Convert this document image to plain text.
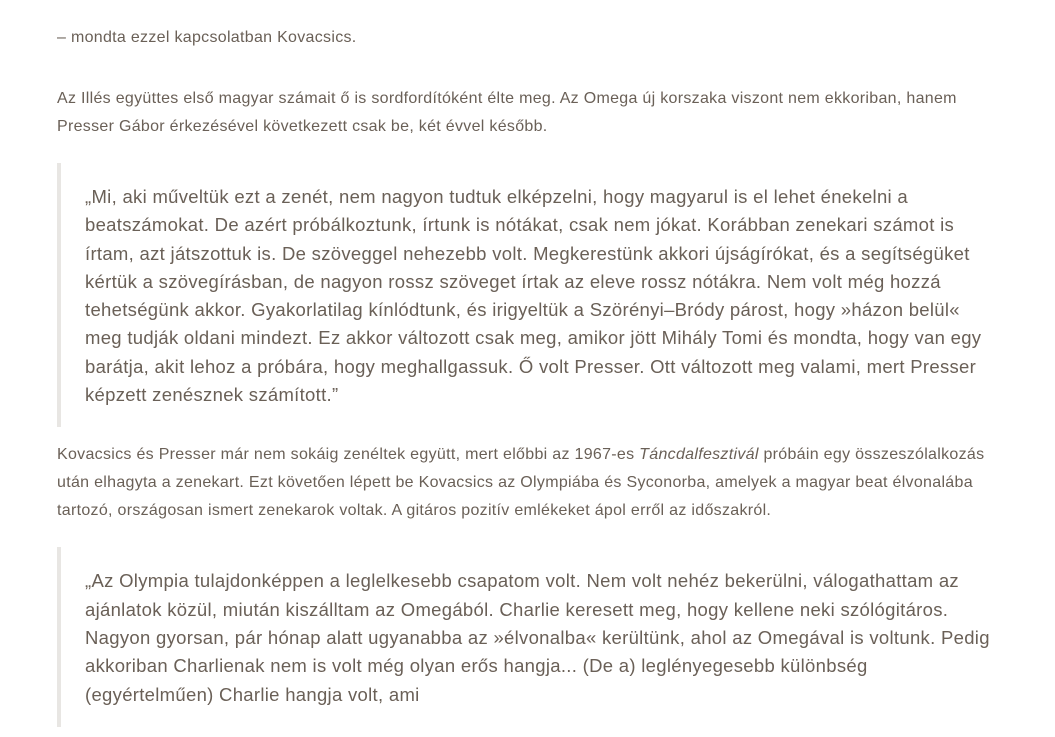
– mondta ezzel kapcsolatban Kovacsics.

Az Illés együttes első magyar számait ő is sordfordítóként élte meg. Az Omega új korszaka viszont nem ekkoriban, hanem Presser Gábor érkezésével következett csak be, két évvel később.

„Mi, aki műveltük ezt a zenét, nem nagyon tudtuk elképzelni, hogy magyarul is el lehet énekelni a beatszámokat. De azért próbálkoztunk, írtunk is nótákat, csak nem jókat. Korábban zenekari számot is írtam, azt játszottuk is. De szöveggel nehezebb volt. Megkerestünk akkori újságírókat, és a segítségüket kértük a szövegírásban, de nagyon rossz szöveget írtak az eleve rossz nótákra. Nem volt még hozzá tehetségünk akkor. Gyakorlatilag kínlódtunk, és irigyeltük a Szörényi–Bródy párost, hogy »házon belül« meg tudják oldani mindezt. Ez akkor változott csak meg, amikor jött Mihály Tomi és mondta, hogy van egy barátja, akit lehoz a próbára, hogy meghallgassuk. Ő volt Presser. Ott változott meg valami, mert Presser képzett zenésznek számított.”

Kovacsics és Presser már nem sokáig zenéltek együtt, mert előbbi az 1967-es Táncdalfesztivál próbáin egy összeszólalkozás után elhagyta a zenekart. Ezt követően lépett be Kovacsics az Olympiába és Syconorba, amelyek a magyar beat élvonalába tartozó, országosan ismert zenekarok voltak. A gitáros pozitív emlékeket ápol erről az időszakról.

„Az Olympia tulajdonképpen a leglelkesebb csapatom volt. Nem volt nehéz bekerülni, válogathattam az ajánlatok közül, miután kiszálltam az Omegából. Charlie keresett meg, hogy kellene neki szólógitáros. Nagyon gyorsan, pár hónap alatt ugyanabba az »élvonalba« kerültünk, ahol az Omegával is voltunk. Pedig akkoriban Charlienak nem is volt még olyan erős hangja... (De a) leglényegesebb különbség (egyértelműen) Charlie hangja volt, ami
